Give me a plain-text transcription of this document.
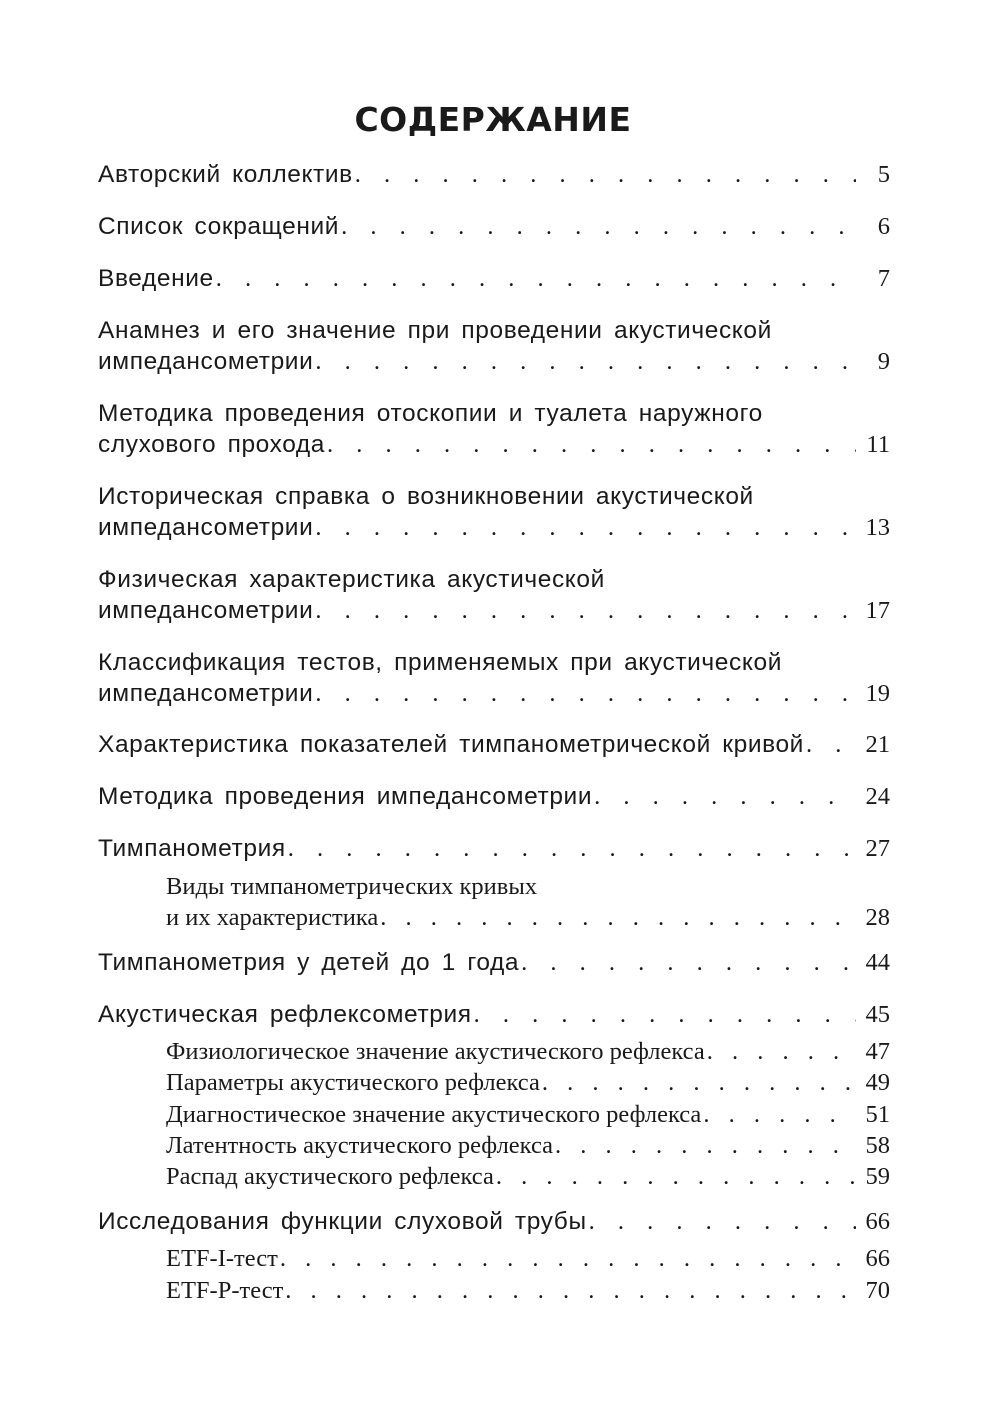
СОДЕРЖАНИЕ
Авторский коллектив . . .	5
Список сокращений . . .	6
Введение . . .	7
Анамнез и его значение при проведении акустической
импедансометрии . . .	9
Методика проведения отоскопии и туалета наружного
слухового прохода . . .	11
Историческая справка о возникновении акустической
импедансометрии . . .	13
Физическая характеристика акустической
импедансометрии . . .	17
Классификация тестов, применяемых при акустической
импедансометрии . . .	19
Характеристика показателей тимпанометрической кривой . . .	21
Методика проведения импедансометрии . . .	24
Тимпанометрия . . .	27
Виды тимпанометрических кривых
и их характеристика . . .	28
Тимпанометрия у детей до 1 года . . .	44
Акустическая рефлексометрия . . .	45
Физиологическое значение акустического рефлекса . . .	47
Параметры акустического рефлекса . . .	49
Диагностическое значение акустического рефлекса . . .	51
Латентность акустического рефлекса . . .	58
Распад акустического рефлекса . . .	59
Исследования функции слуховой трубы . . .	66
ETF-I-тест . . .	66
ETF-P-тест . . .	70
